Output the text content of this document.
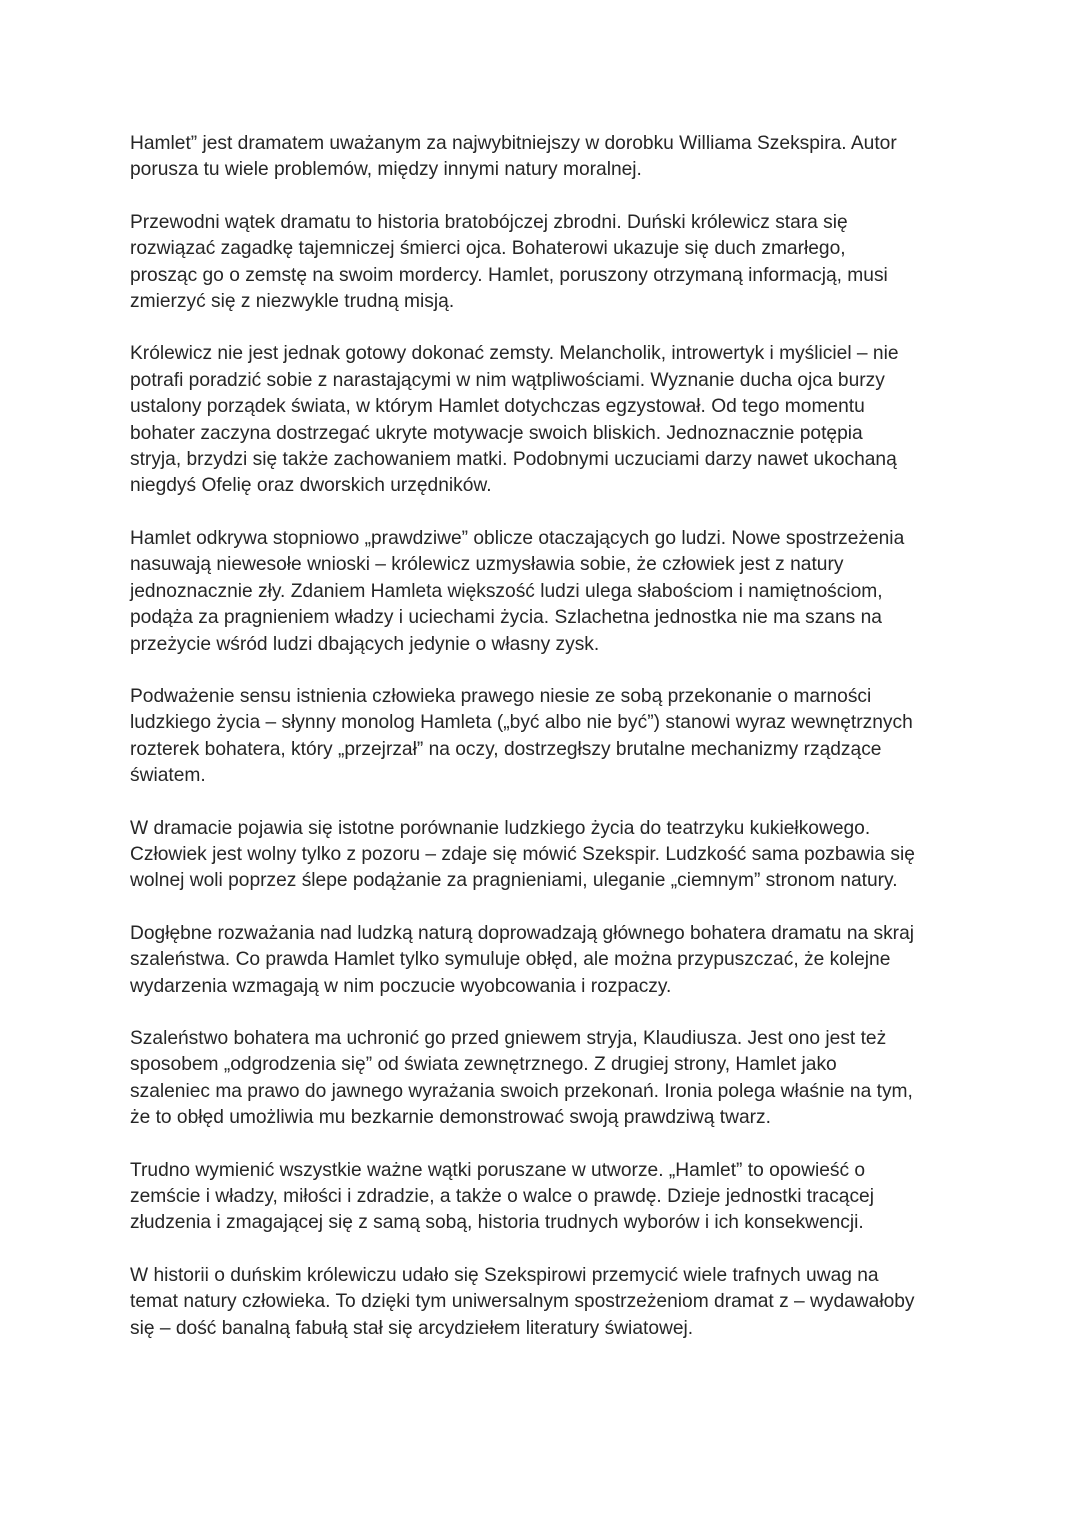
Hamlet” jest dramatem uważanym za najwybitniejszy w dorobku Williama Szekspira. Autor
porusza tu wiele problemów, między innymi natury moralnej.

Przewodni wątek dramatu to historia bratobójczej zbrodni. Duński królewicz stara się
rozwiązać zagadkę tajemniczej śmierci ojca. Bohaterowi ukazuje się duch zmarłego,
prosząc go o zemstę na swoim mordercy. Hamlet, poruszony otrzymaną informacją, musi
zmierzyć się z niezwykle trudną misją.

Królewicz nie jest jednak gotowy dokonać zemsty. Melancholik, introwertyk i myśliciel – nie
potrafi poradzić sobie z narastającymi w nim wątpliwościami. Wyznanie ducha ojca burzy
ustalony porządek świata, w którym Hamlet dotychczas egzystował. Od tego momentu
bohater zaczyna dostrzegać ukryte motywacje swoich bliskich. Jednoznacznie potępia
stryja, brzydzi się także zachowaniem matki. Podobnymi uczuciami darzy nawet ukochaną
niegdyś Ofelię oraz dworskich urzędników.

Hamlet odkrywa stopniowo „prawdziwe” oblicze otaczających go ludzi. Nowe spostrzeżenia
nasuwają niewesołe wnioski – królewicz uzmysławia sobie, że człowiek jest z natury
jednoznacznie zły. Zdaniem Hamleta większość ludzi ulega słabościom i namiętnościom,
podąża za pragnieniem władzy i uciechami życia. Szlachetna jednostka nie ma szans na
przeżycie wśród ludzi dbających jedynie o własny zysk.

Podważenie sensu istnienia człowieka prawego niesie ze sobą przekonanie o marności
ludzkiego życia – słynny monolog Hamleta („być albo nie być”) stanowi wyraz wewnętrznych
rozterek bohatera, który „przejrzał” na oczy, dostrzegłszy brutalne mechanizmy rządzące
światem.

W dramacie pojawia się istotne porównanie ludzkiego życia do teatrzyku kukiełkowego.
Człowiek jest wolny tylko z pozoru – zdaje się mówić Szekspir. Ludzkość sama pozbawia się
wolnej woli poprzez ślepe podążanie za pragnieniami, uleganie „ciemnym” stronom natury.

Dogłębne rozważania nad ludzką naturą doprowadzają głównego bohatera dramatu na skraj
szaleństwa. Co prawda Hamlet tylko symuluje obłęd, ale można przypuszczać, że kolejne
wydarzenia wzmagają w nim poczucie wyobcowania i rozpaczy.

Szaleństwo bohatera ma uchronić go przed gniewem stryja, Klaudiusza. Jest ono jest też
sposobem „odgrodzenia się” od świata zewnętrznego. Z drugiej strony, Hamlet jako
szaleniec ma prawo do jawnego wyrażania swoich przekonań. Ironia polega właśnie na tym,
że to obłęd umożliwia mu bezkarnie demonstrować swoją prawdziwą twarz.

Trudno wymienić wszystkie ważne wątki poruszane w utworze. „Hamlet” to opowieść o
zemście i władzy, miłości i zdradzie, a także o walce o prawdę. Dzieje jednostki tracącej
złudzenia i zmagającej się z samą sobą, historia trudnych wyborów i ich konsekwencji.

W historii o duńskim królewiczu udało się Szekspirowi przemycić wiele trafnych uwag na
temat natury człowieka. To dzięki tym uniwersalnym spostrzeżeniom dramat z – wydawałoby
się – dość banalną fabułą stał się arcydziełem literatury światowej.
